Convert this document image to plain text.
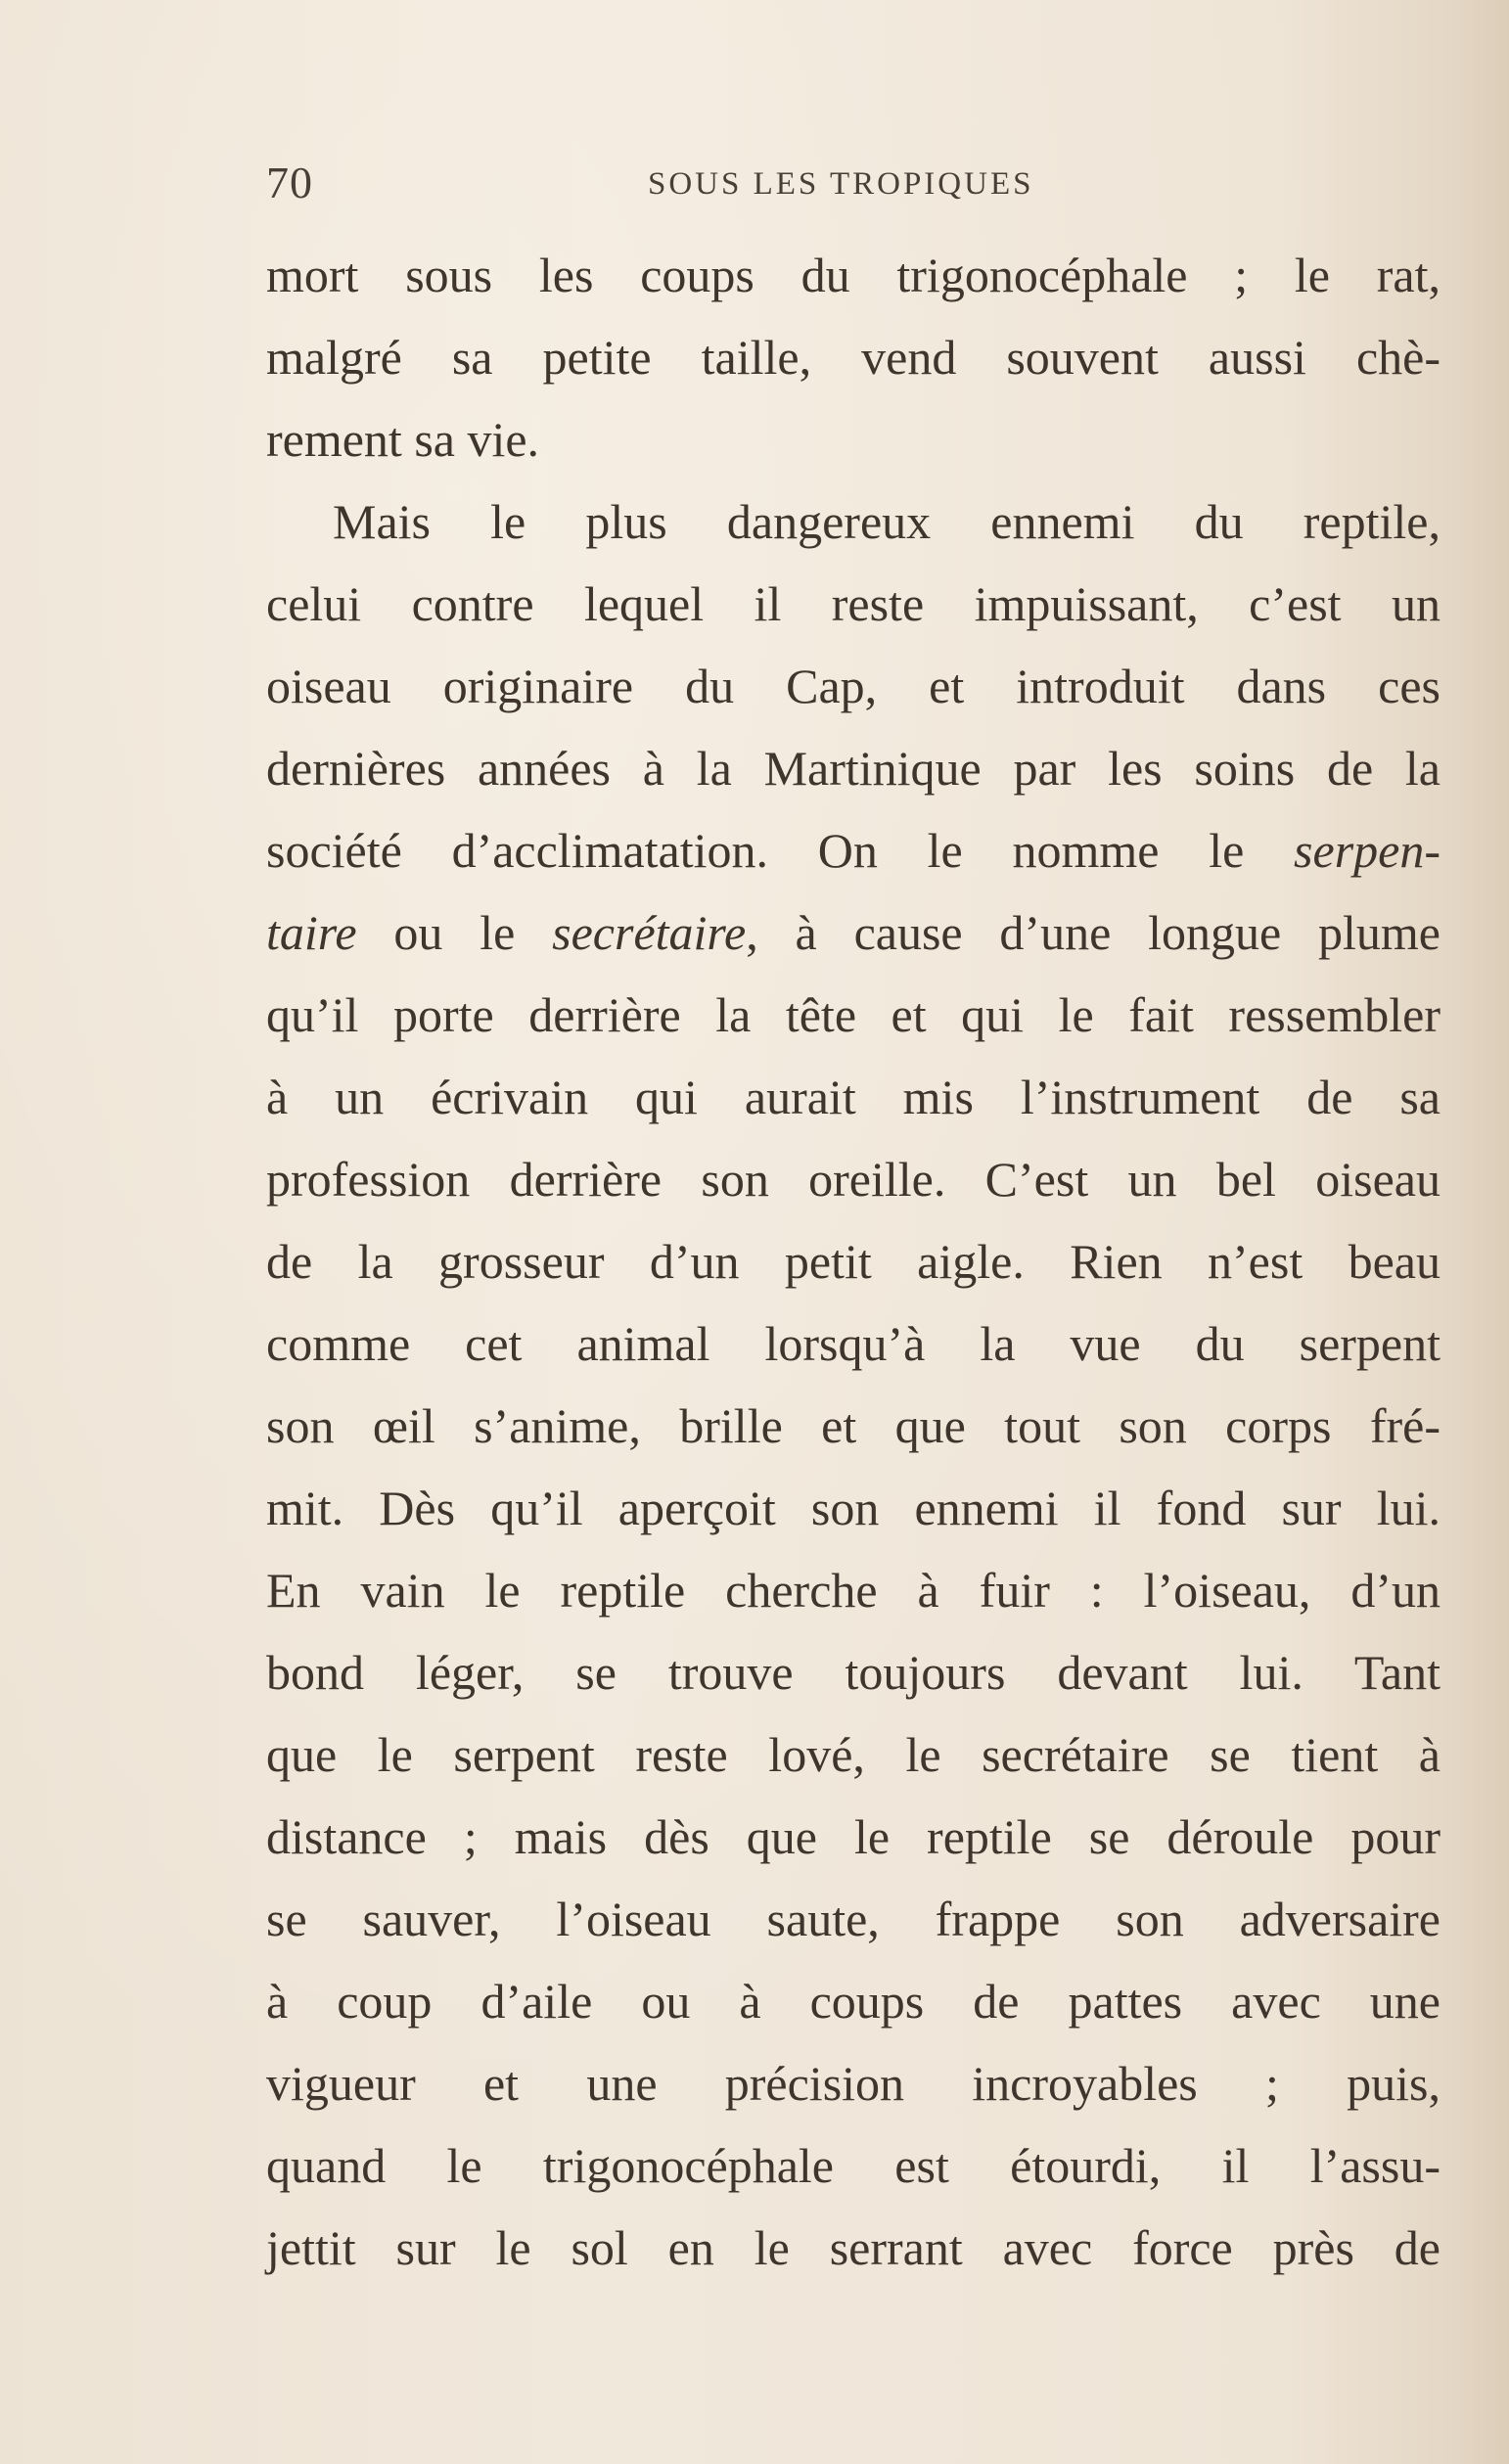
70	SOUS LES TROPIQUES
mort sous les coups du trigonocéphale ; le rat,
malgré sa petite taille, vend souvent aussi chè-
rement sa vie.
Mais le plus dangereux ennemi du reptile,
celui contre lequel il reste impuissant, c’est un
oiseau originaire du Cap, et introduit dans ces
dernières années à la Martinique par les soins de la
société d’acclimatation. On le nomme le serpen-
taire ou le secrétaire, à cause d’une longue plume
qu’il porte derrière la tête et qui le fait ressembler
à un écrivain qui aurait mis l’instrument de sa
profession derrière son oreille. C’est un bel oiseau
de la grosseur d’un petit aigle. Rien n’est beau
comme cet animal lorsqu’à la vue du serpent
son œil s’anime, brille et que tout son corps fré-
mit. Dès qu’il aperçoit son ennemi il fond sur lui.
En vain le reptile cherche à fuir : l’oiseau, d’un
bond léger, se trouve toujours devant lui. Tant
que le serpent reste lové, le secrétaire se tient à
distance ; mais dès que le reptile se déroule pour
se sauver, l’oiseau saute, frappe son adversaire
à coup d’aile ou à coups de pattes avec une
vigueur et une précision incroyables ; puis,
quand le trigonocéphale est étourdi, il l’assu-
jettit sur le sol en le serrant avec force près de
